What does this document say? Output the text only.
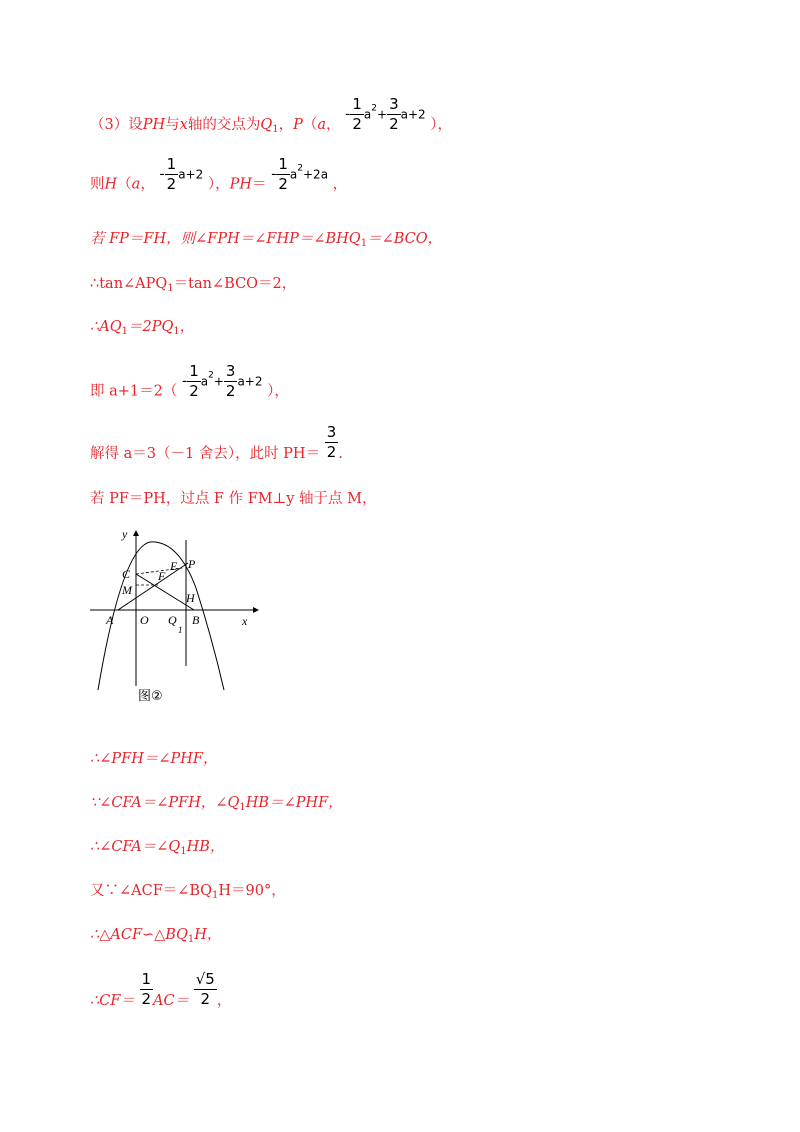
（3）设PH与x轴的交点为$Q_1$，P（a， - $\frac{1}{2} a^2+ \frac{3}{2} a+2$ ），
则H（a， - $\frac{1}{2} a+2$ ），$PH= - \frac{1}{2} a^2+2a$ ，
若 FP＝FH，则$\angle FPH=\angle FHP=\angle BHQ_1=\angle BCO$，
$\therefore\tan\angle APQ_1=\tan\angle BCO=2$，
$\therefore AQ_1=2PQ_1$，
即 $a+1=2( - \frac{1}{2} a^2+ \frac{3}{2} a+2$ ），
解得 a＝3（－1 舍去），此时 $PH= \frac{3}{2}$ .
若 PF＝PH，过点 F 作 FM⊥y 轴于点 M，
y
x
C
E P
F
M
H
A O Q
1
B
图②
∴∠PFH＝∠PHF，
∵∠CFA＝∠PFH，$\angle Q_1HB=\angle PHF$，
$\therefore\angle CFA=\angle Q_1HB$，
又$\because\angle ACF=\angle BQ_1H=90^\circ$，
$\therefore\triangle ACF∽\triangle BQ_1H$，
∴CF＝ $\frac{1}{2} AC= \frac{√5}{2}$ ，
